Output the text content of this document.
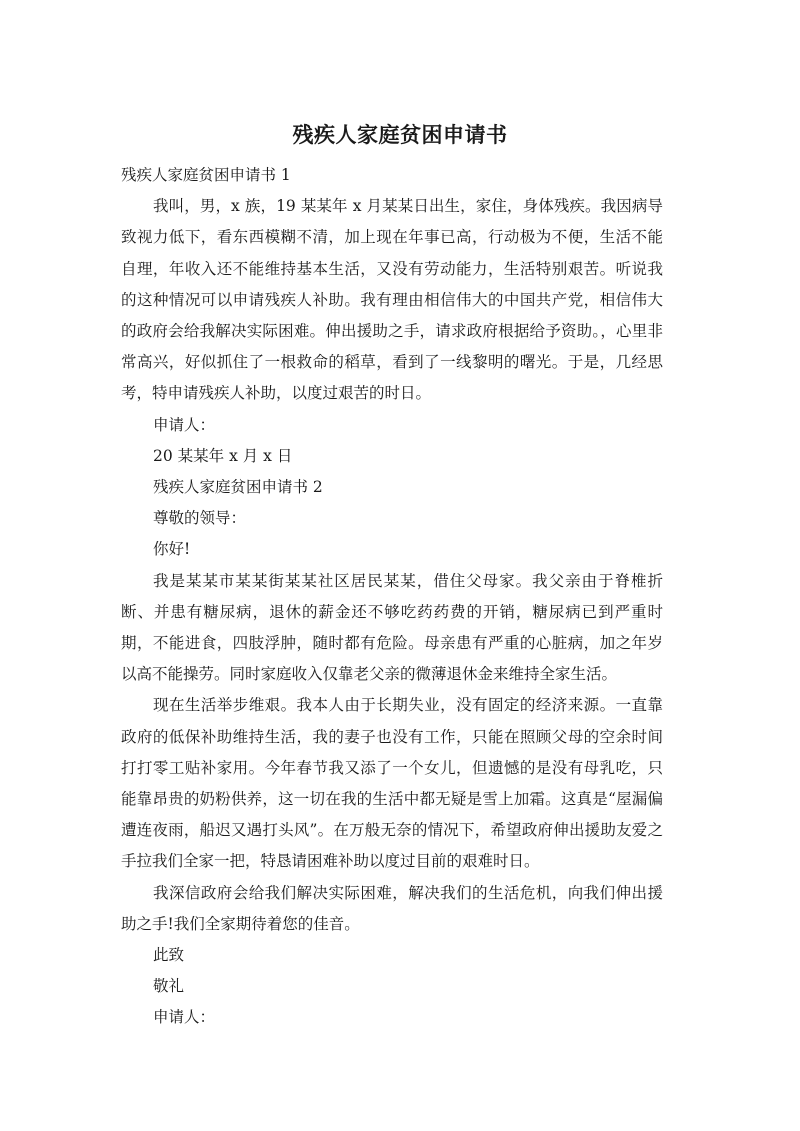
残疾人家庭贫困申请书

残疾人家庭贫困申请书 1

我叫，男，x 族，19 某某年 x 月某某日出生，家住，身体残疾。我因病导致视力低下，看东西模糊不清，加上现在年事已高，行动极为不便，生活不能自理，年收入还不能维持基本生活，又没有劳动能力，生活特别艰苦。听说我的这种情况可以申请残疾人补助。我有理由相信伟大的中国共产党，相信伟大的政府会给我解决实际困难。伸出援助之手，请求政府根据给予资助。，心里非常高兴，好似抓住了一根救命的稻草，看到了一线黎明的曙光。于是，几经思考，特申请残疾人补助，以度过艰苦的时日。

申请人：

20 某某年 x 月 x 日

残疾人家庭贫困申请书 2

尊敬的领导：

你好!

我是某某市某某街某某社区居民某某，借住父母家。我父亲由于脊椎折断、并患有糖尿病，退休的薪金还不够吃药药费的开销，糖尿病已到严重时期，不能进食，四肢浮肿，随时都有危险。母亲患有严重的心脏病，加之年岁以高不能操劳。同时家庭收入仅靠老父亲的微薄退休金来维持全家生活。

现在生活举步维艰。我本人由于长期失业，没有固定的经济来源。一直靠政府的低保补助维持生活，我的妻子也没有工作，只能在照顾父母的空余时间打打零工贴补家用。今年春节我又添了一个女儿，但遗憾的是没有母乳吃，只能靠昂贵的奶粉供养，这一切在我的生活中都无疑是雪上加霜。这真是“屋漏偏遭连夜雨，船迟又遇打头风”。在万般无奈的情况下，希望政府伸出援助友爱之手拉我们全家一把，特恳请困难补助以度过目前的艰难时日。

我深信政府会给我们解决实际困难，解决我们的生活危机，向我们伸出援助之手!我们全家期待着您的佳音。

此致

敬礼

申请人：
